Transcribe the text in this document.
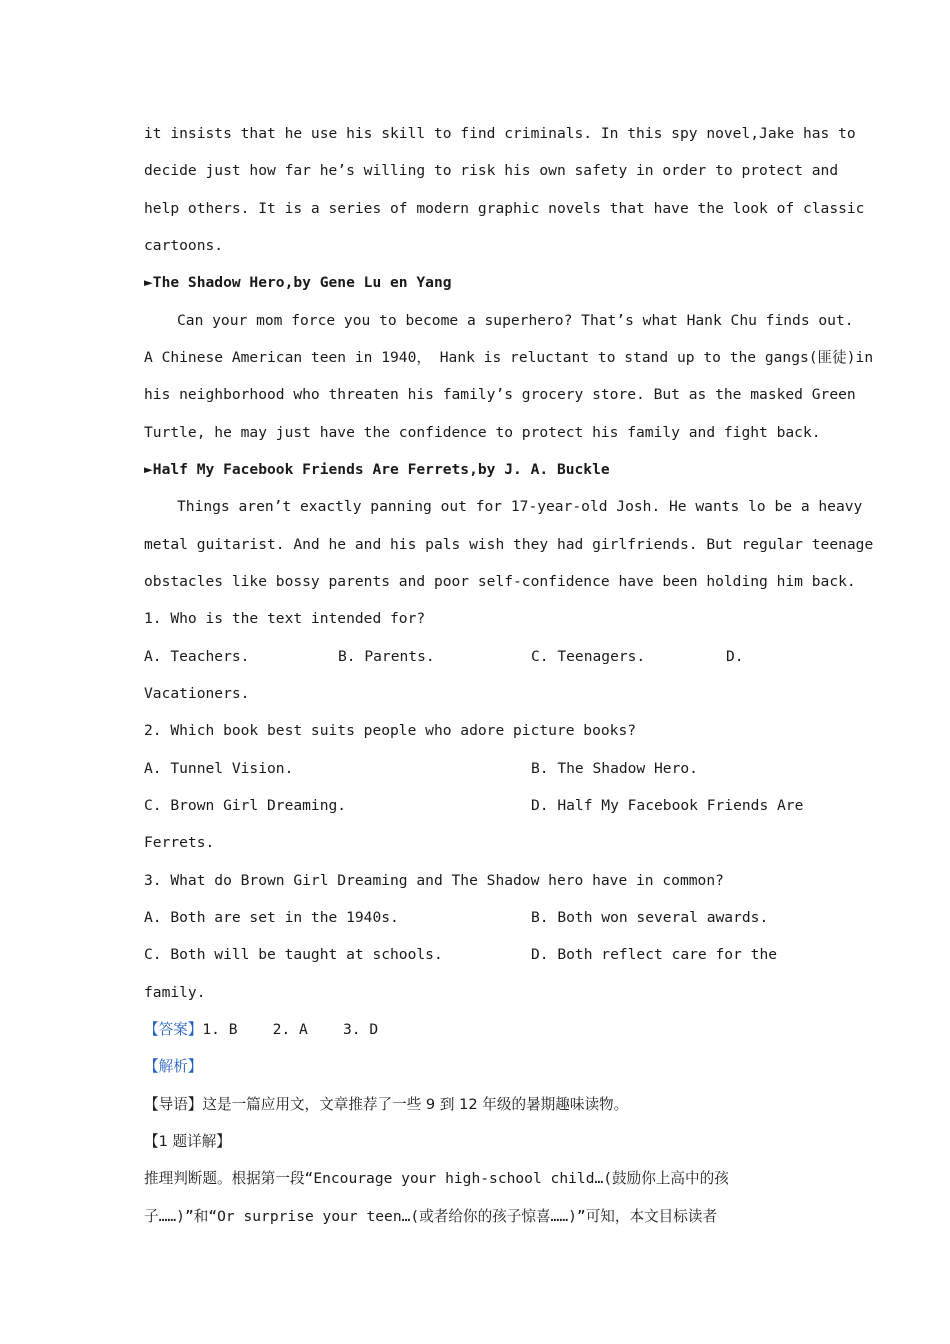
it insists that he use his skill to find criminals. In this spy novel,Jake has to
decide just how far he’s willing to risk his own safety in order to protect and
help others. It is a series of modern graphic novels that have the look of classic
cartoons.
►The Shadow Hero,by Gene Lu en Yang
Can your mom force you to become a superhero? That’s what Hank Chu finds out.
A Chinese American teen in 1940， Hank is reluctant to stand up to the gangs(匪徒)in
his neighborhood who threaten his family’s grocery store. But as the masked Green
Turtle, he may just have the confidence to protect his family and fight back.
►Half My Facebook Friends Are Ferrets,by J. A. Buckle
Things aren’t exactly panning out for 17-year-old Josh. He wants lo be a heavy
metal guitarist. And he and his pals wish they had girlfriends. But regular teenage
obstacles like bossy parents and poor self-confidence have been holding him back.
1. Who is the text intended for?
A. Teachers.	B. Parents.	C. Teenagers.	D.
Vacationers.
2. Which book best suits people who adore picture books?
A. Tunnel Vision.	B. The Shadow Hero.
C. Brown Girl Dreaming.	D. Half My Facebook Friends Are
Ferrets.
3. What do Brown Girl Dreaming and The Shadow hero have in common?
A. Both are set in the 1940s.	B. Both won several awards.
C. Both will be taught at schools.	D. Both reflect care for the
family.
【答案】1. B    2. A    3. D
【解析】
【导语】这是一篇应用文，文章推荐了一些 9 到 12 年级的暑期趣味读物。
【1 题详解】
推理判断题。根据第一段“Encourage your high-school child…(鼓励你上高中的孩
子……)”和“Or surprise your teen…(或者给你的孩子惊喜……)”可知，本文目标读者
